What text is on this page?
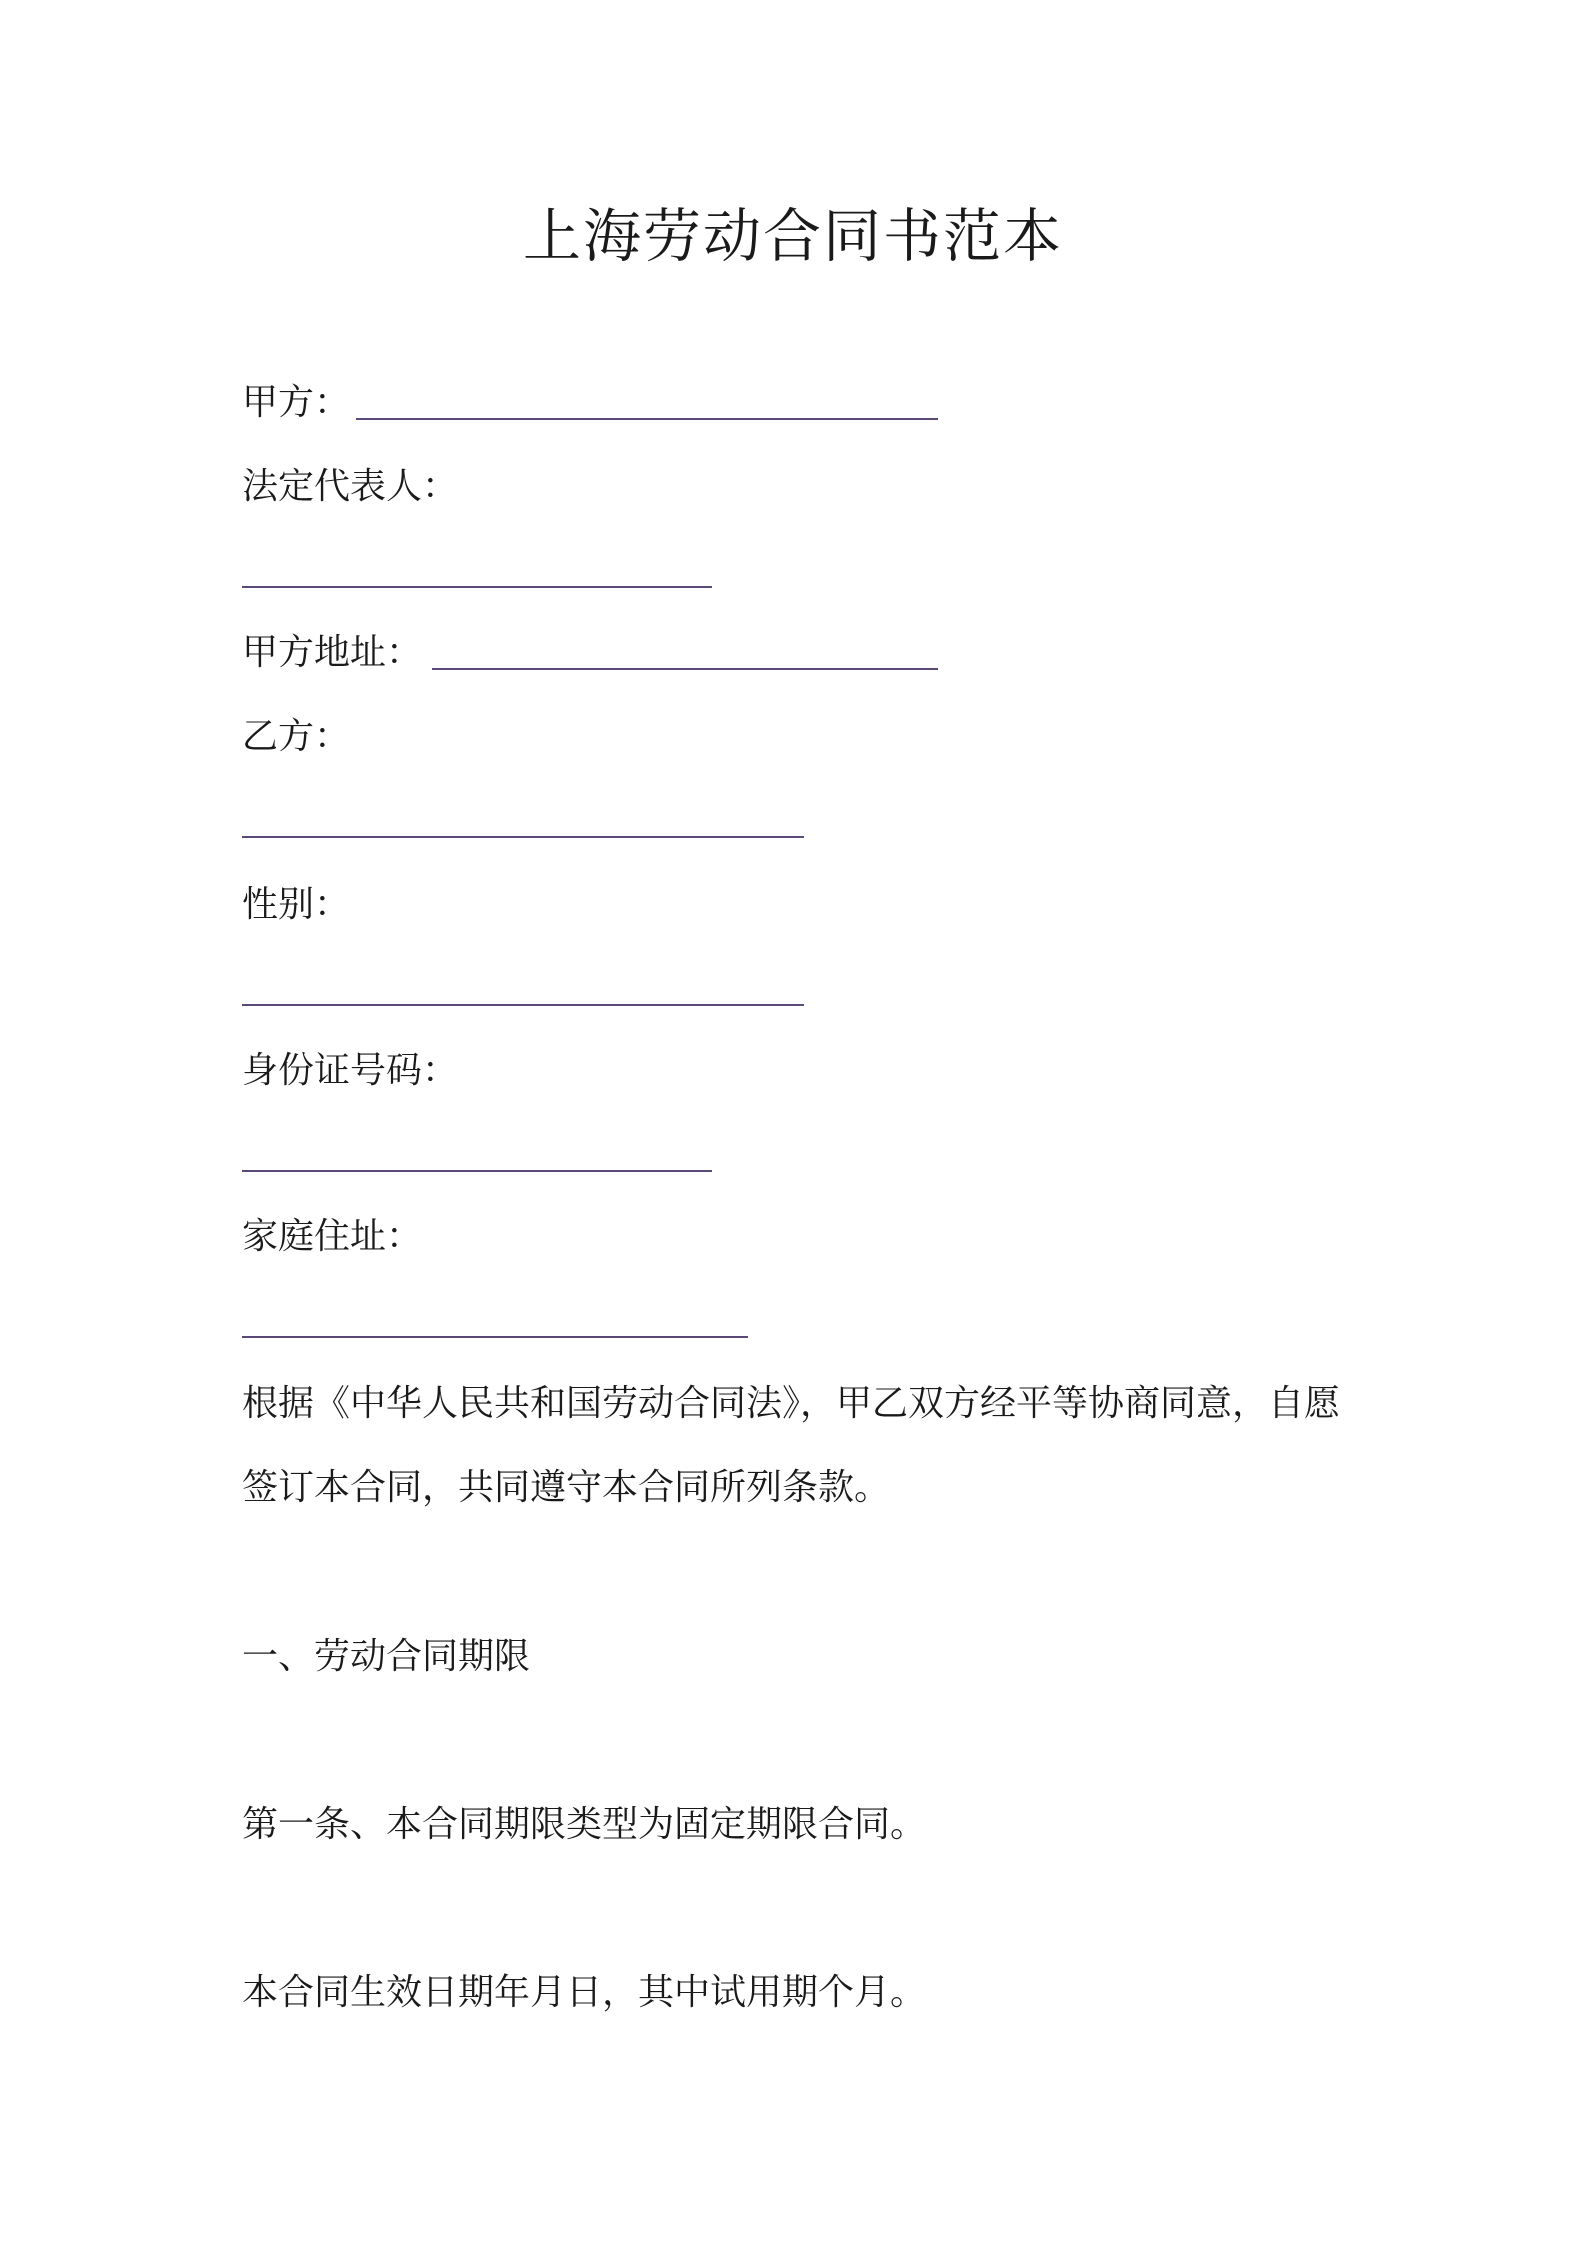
上海劳动合同书范本
甲方：
法定代表人：
甲方地址：
乙方：
性别：
身份证号码：
家庭住址：

根据《中华人民共和国劳动合同法》，甲乙双方经平等协商同意，自愿签订本合同，共同遵守本合同所列条款。

一、劳动合同期限
第一条、本合同期限类型为固定期限合同。
本合同生效日期年月日，其中试用期个月。
